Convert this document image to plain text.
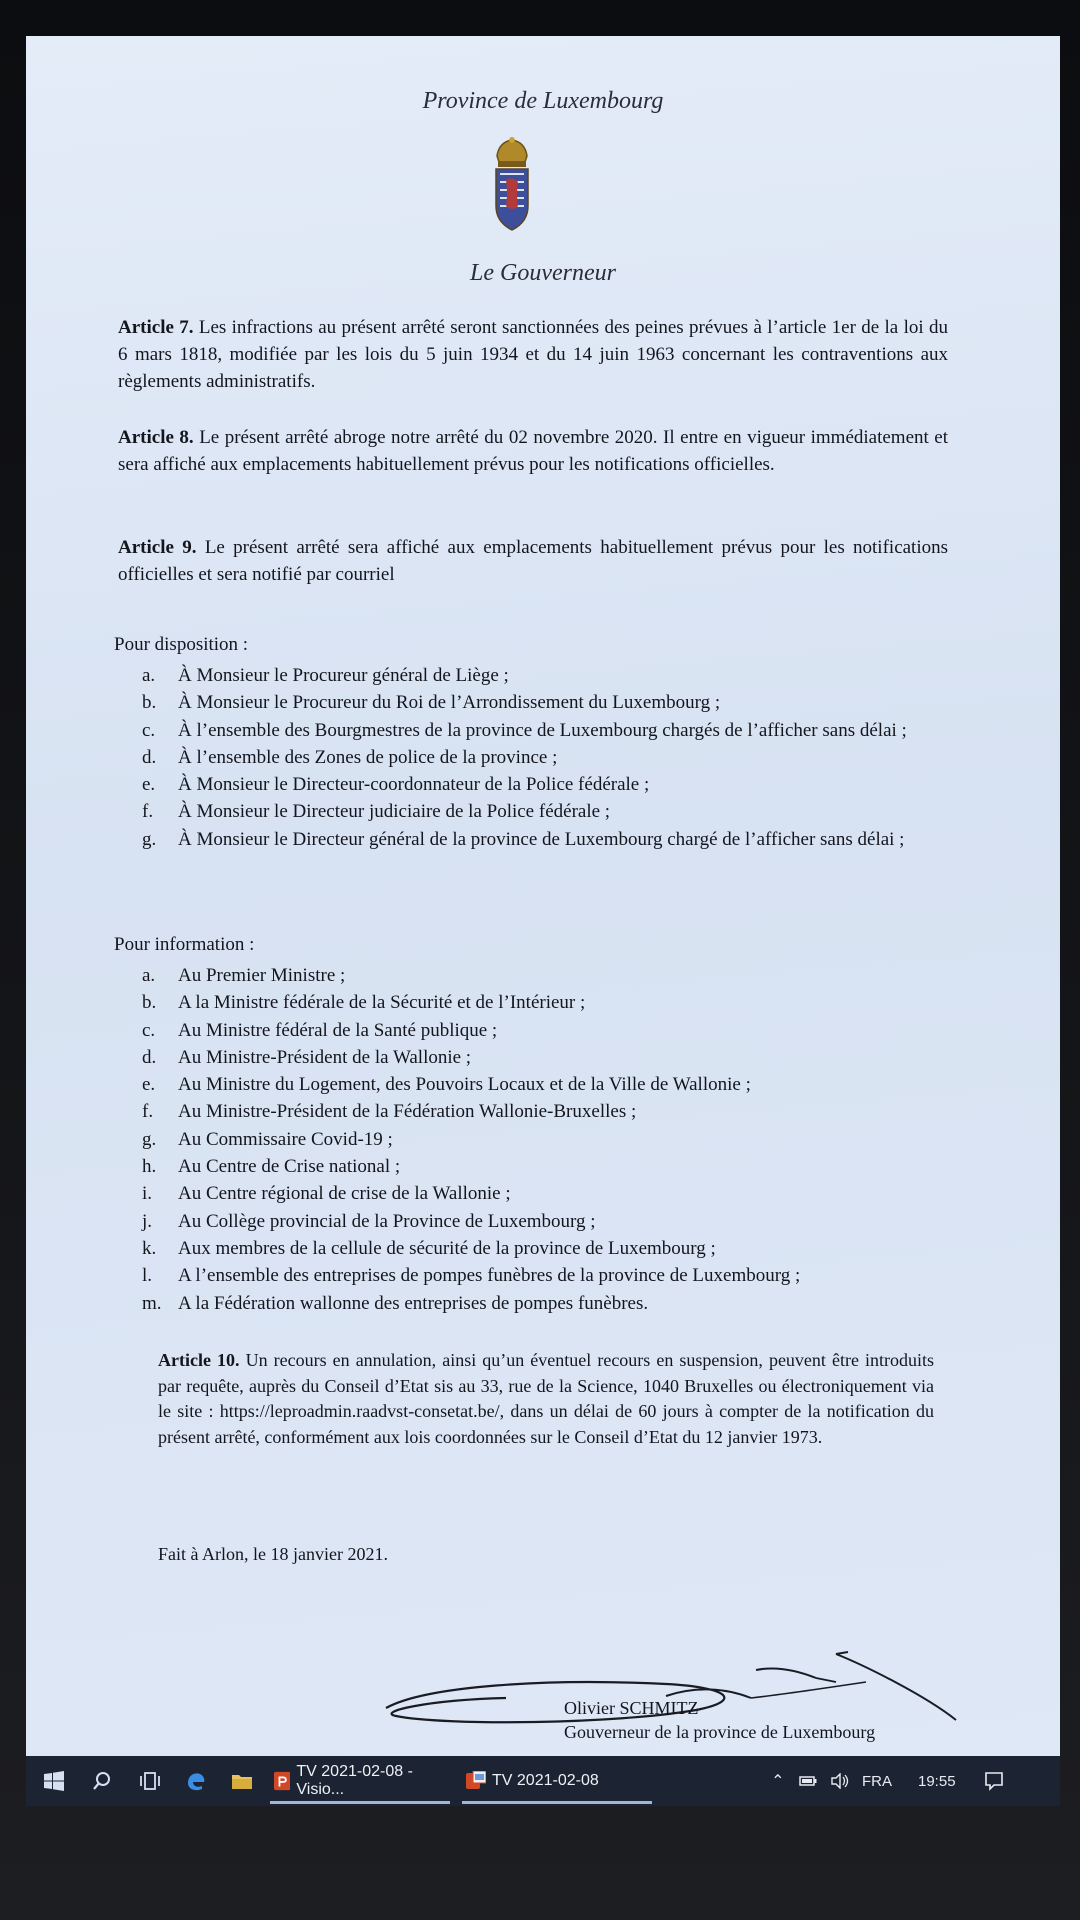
Province de Luxembourg
Le Gouverneur
Article 7. Les infractions au présent arrêté seront sanctionnées des peines prévues à l’article 1er de la loi du 6 mars 1818, modifiée par les lois du 5 juin 1934 et du 14 juin 1963 concernant les contraventions aux règlements administratifs.
Article 8. Le présent arrêté abroge notre arrêté du 02 novembre 2020. Il entre en vigueur immédiatement et sera affiché aux emplacements habituellement prévus pour les notifications officielles.
Article 9. Le présent arrêté sera affiché aux emplacements habituellement prévus pour les notifications officielles et sera notifié par courriel
Pour disposition :
a. À Monsieur le Procureur général de Liège ;
b. À Monsieur le Procureur du Roi de l’Arrondissement du Luxembourg ;
c. À l’ensemble des Bourgmestres de la province de Luxembourg chargés de l’afficher sans délai ;
d. À l’ensemble des Zones de police de la province ;
e. À Monsieur le Directeur-coordonnateur de la Police fédérale ;
f. À Monsieur le Directeur judiciaire de la Police fédérale ;
g. À Monsieur le Directeur général de la province de Luxembourg chargé de l’afficher sans délai ;
Pour information :
a. Au Premier Ministre ;
b. A la Ministre fédérale de la Sécurité et de l’Intérieur ;
c. Au Ministre fédéral de la Santé publique ;
d. Au Ministre-Président de la Wallonie ;
e. Au Ministre du Logement, des Pouvoirs Locaux et de la Ville de Wallonie ;
f. Au Ministre-Président de la Fédération Wallonie-Bruxelles ;
g. Au Commissaire Covid-19 ;
h. Au Centre de Crise national ;
i. Au Centre régional de crise de la Wallonie ;
j. Au Collège provincial de la Province de Luxembourg ;
k. Aux membres de la cellule de sécurité de la province de Luxembourg ;
l. A l’ensemble des entreprises de pompes funèbres de la province de Luxembourg ;
m. A la Fédération wallonne des entreprises de pompes funèbres.
Article 10. Un recours en annulation, ainsi qu’un éventuel recours en suspension, peuvent être introduits par requête, auprès du Conseil d’Etat sis au 33, rue de la Science, 1040 Bruxelles ou électroniquement via le site : https://leproadmin.raadvst-consetat.be/, dans un délai de 60 jours à compter de la notification du présent arrêté, conformément aux lois coordonnées sur le Conseil d’Etat du 12 janvier 1973.
Fait à Arlon, le 18 janvier 2021.
Olivier SCHMITZ
Gouverneur de la province de Luxembourg
TV 2021-02-08 - Visio...
TV 2021-02-08	⌃	FRA	19:55
